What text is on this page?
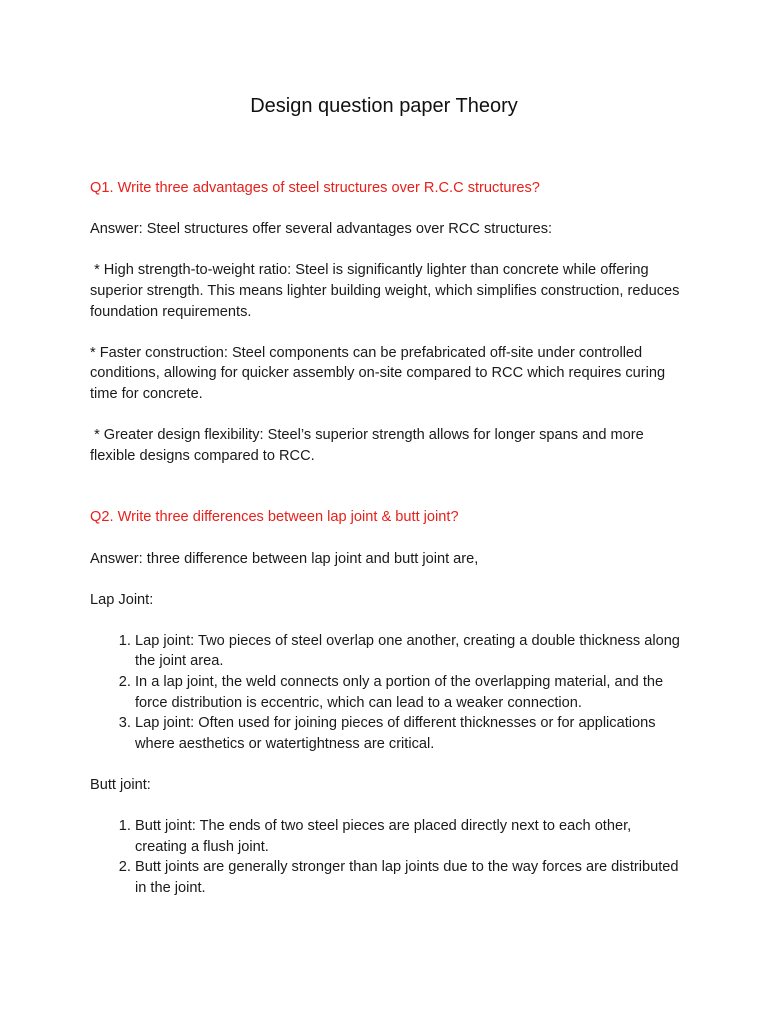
Design question paper Theory

Q1. Write three advantages of steel structures over R.C.C structures?

Answer: Steel structures offer several advantages over RCC structures:

* High strength-to-weight ratio: Steel is significantly lighter than concrete while offering superior strength. This means lighter building weight, which simplifies construction, reduces foundation requirements.

* Faster construction: Steel components can be prefabricated off-site under controlled conditions, allowing for quicker assembly on-site compared to RCC which requires curing time for concrete.

* Greater design flexibility: Steel’s superior strength allows for longer spans and more flexible designs compared to RCC.

Q2. Write three differences between lap joint & butt joint?

Answer: three difference between lap joint and butt joint are,

Lap Joint:

1. Lap joint: Two pieces of steel overlap one another, creating a double thickness along the joint area.
2. In a lap joint, the weld connects only a portion of the overlapping material, and the force distribution is eccentric, which can lead to a weaker connection.
3. Lap joint: Often used for joining pieces of different thicknesses or for applications where aesthetics or watertightness are critical.

Butt joint:

1. Butt joint: The ends of two steel pieces are placed directly next to each other, creating a flush joint.
2. Butt joints are generally stronger than lap joints due to the way forces are distributed in the joint.
